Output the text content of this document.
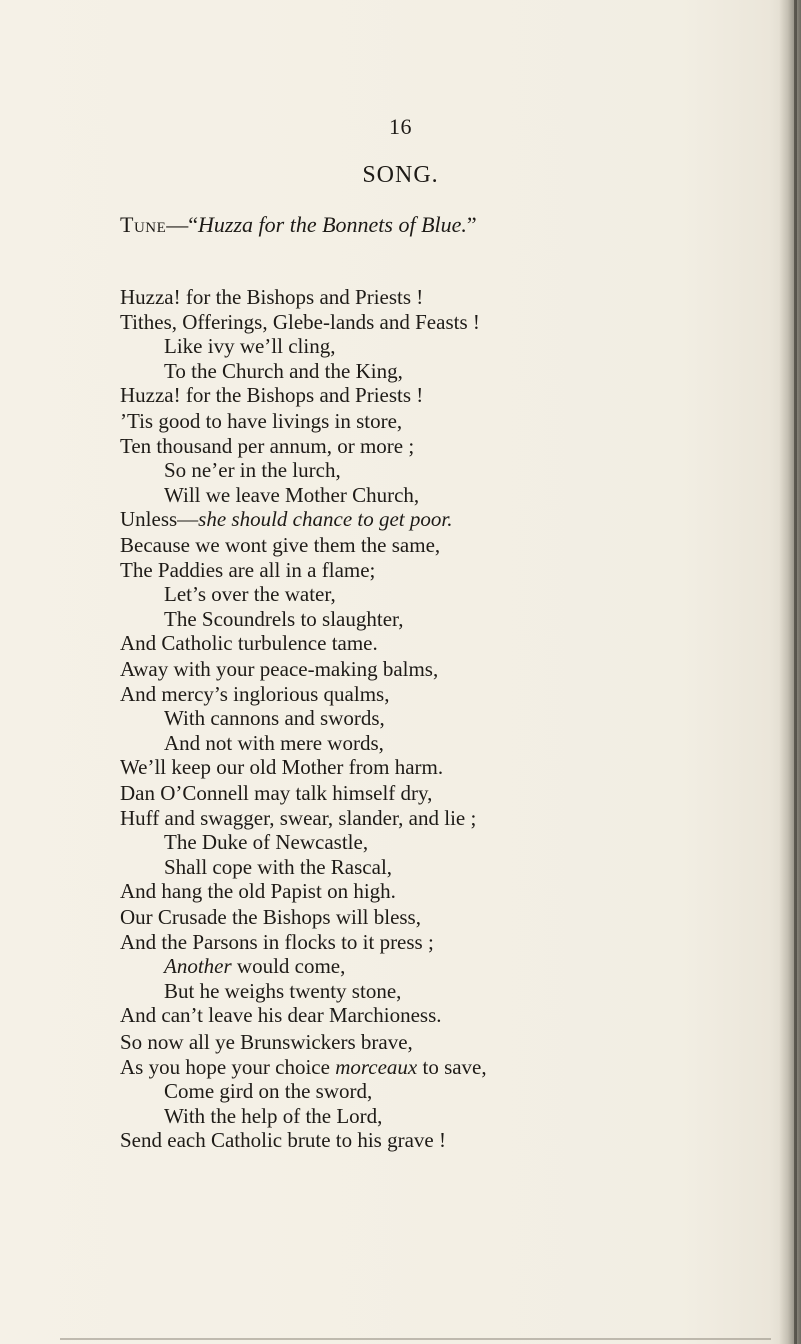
16
SONG.
Tune—“Huzza for the Bonnets of Blue.”
Huzza! for the Bishops and Priests !
Tithes, Offerings, Glebe-lands and Feasts !
Like ivy we’ll cling,
To the Church and the King,
Huzza! for the Bishops and Priests !
’Tis good to have livings in store,
Ten thousand per annum, or more ;
So ne’er in the lurch,
Will we leave Mother Church,
Unless—she should chance to get poor.
Because we wont give them the same,
The Paddies are all in a flame;
Let’s over the water,
The Scoundrels to slaughter,
And Catholic turbulence tame.
Away with your peace-making balms,
And mercy’s inglorious qualms,
With cannons and swords,
And not with mere words,
We’ll keep our old Mother from harm.
Dan O’Connell may talk himself dry,
Huff and swagger, swear, slander, and lie ;
The Duke of Newcastle,
Shall cope with the Rascal,
And hang the old Papist on high.
Our Crusade the Bishops will bless,
And the Parsons in flocks to it press ;
Another would come,
But he weighs twenty stone,
And can’t leave his dear Marchioness.
So now all ye Brunswickers brave,
As you hope your choice morceaux to save,
Come gird on the sword,
With the help of the Lord,
Send each Catholic brute to his grave !
